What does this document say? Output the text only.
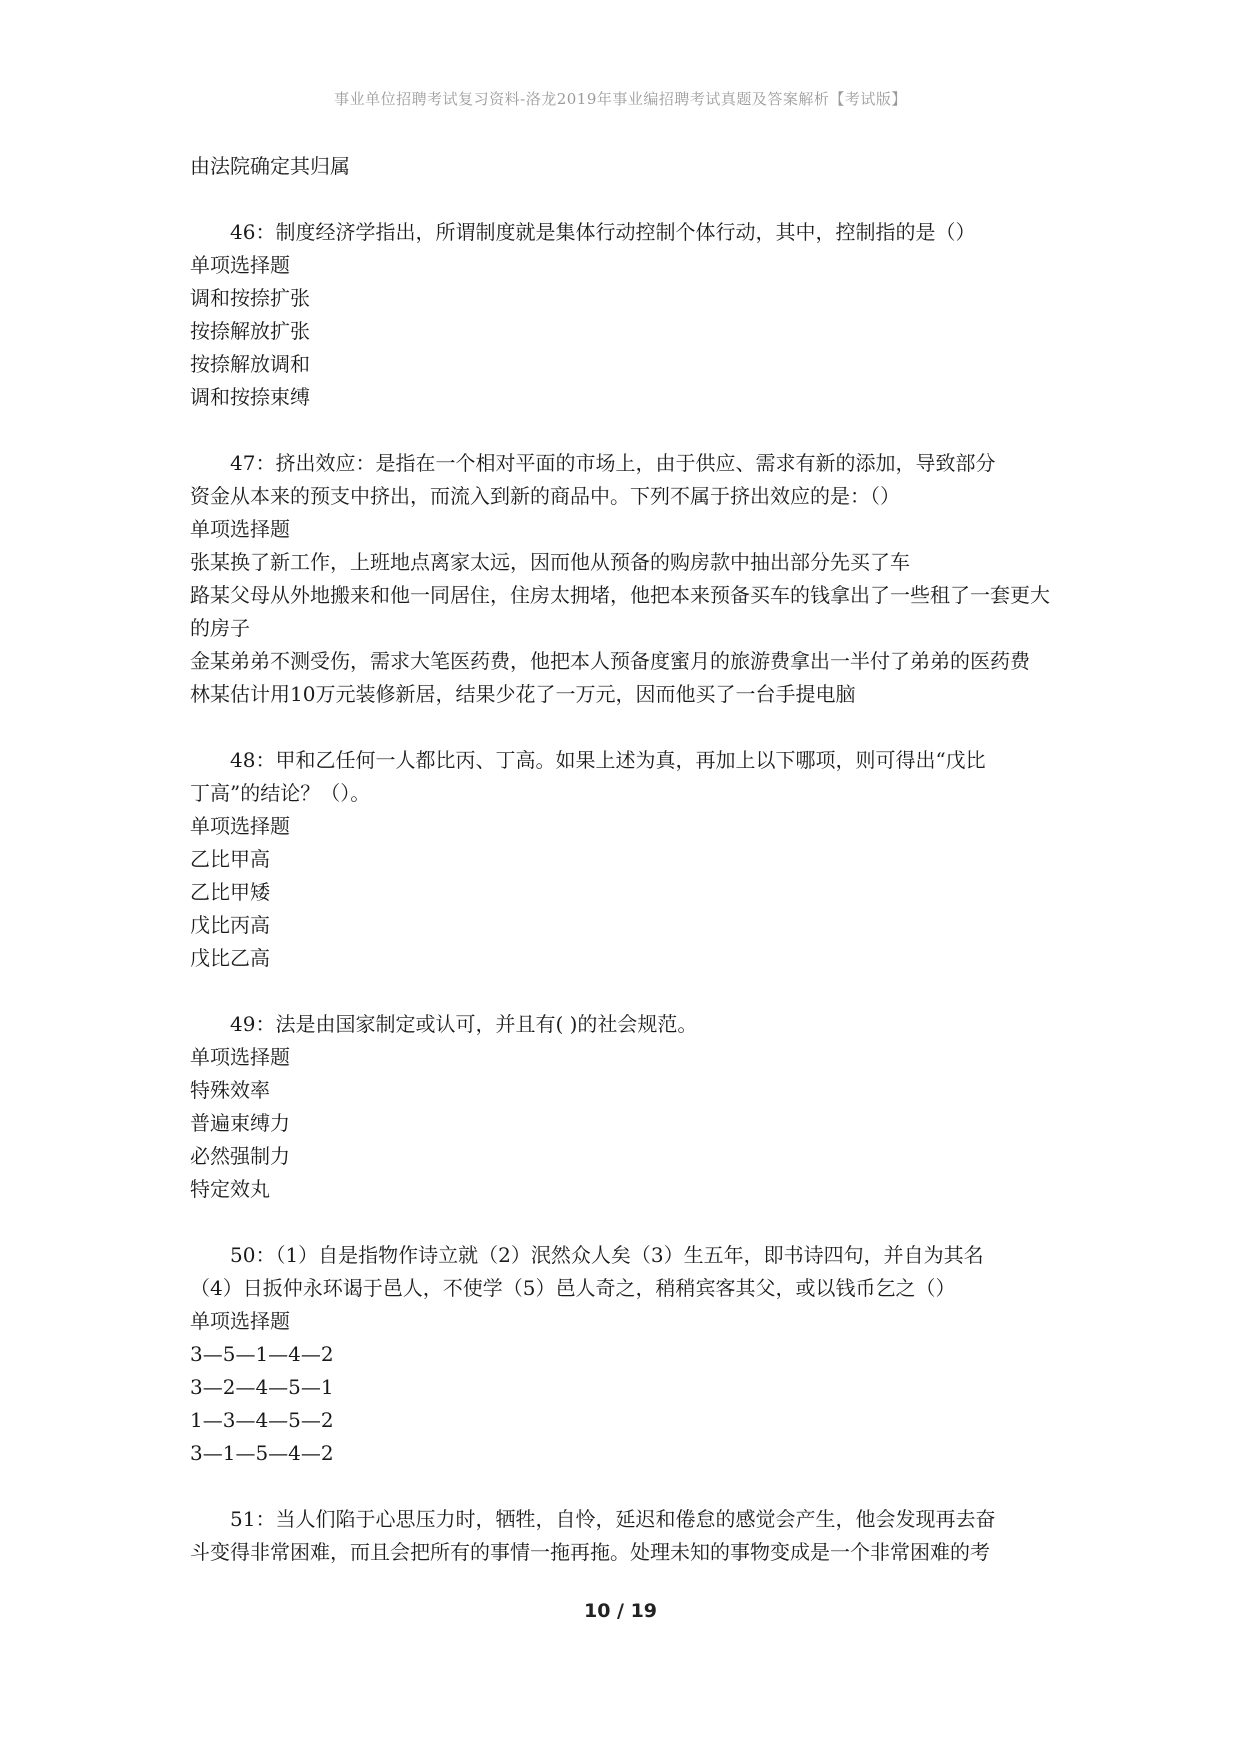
事业单位招聘考试复习资料-洛龙2019年事业编招聘考试真题及答案解析【考试版】
由法院确定其归属
46：制度经济学指出，所谓制度就是集体行动控制个体行动，其中，控制指的是（）
单项选择题
调和按捺扩张
按捺解放扩张
按捺解放调和
调和按捺束缚
47：挤出效应：是指在一个相对平面的市场上，由于供应、需求有新的添加，导致部分
资金从本来的预支中挤出，而流入到新的商品中。下列不属于挤出效应的是：（）
单项选择题
张某换了新工作，上班地点离家太远，因而他从预备的购房款中抽出部分先买了车
路某父母从外地搬来和他一同居住，住房太拥堵，他把本来预备买车的钱拿出了一些租了一套更大的房子
金某弟弟不测受伤，需求大笔医药费，他把本人预备度蜜月的旅游费拿出一半付了弟弟的医药费
林某估计用10万元装修新居，结果少花了一万元，因而他买了一台手提电脑
48：甲和乙任何一人都比丙、丁高。如果上述为真，再加上以下哪项，则可得出“戊比
丁高”的结论？（）。
单项选择题
乙比甲高
乙比甲矮
戊比丙高
戊比乙高
49：法是由国家制定或认可，并且有( )的社会规范。
单项选择题
特殊效率
普遍束缚力
必然强制力
特定效丸
50：（1）自是指物作诗立就（2）泯然众人矣（3）生五年，即书诗四句，并自为其名
（4）日扳仲永环谒于邑人，不使学（5）邑人奇之，稍稍宾客其父，或以钱币乞之（）
单项选择题
3—5—1—4—2
3—2—4—5—1
1—3—4—5—2
3—1—5—4—2
51：当人们陷于心思压力时，牺牲，自怜，延迟和倦怠的感觉会产生，他会发现再去奋
斗变得非常困难，而且会把所有的事情一拖再拖。处理未知的事物变成是一个非常困难的考
10 / 19
